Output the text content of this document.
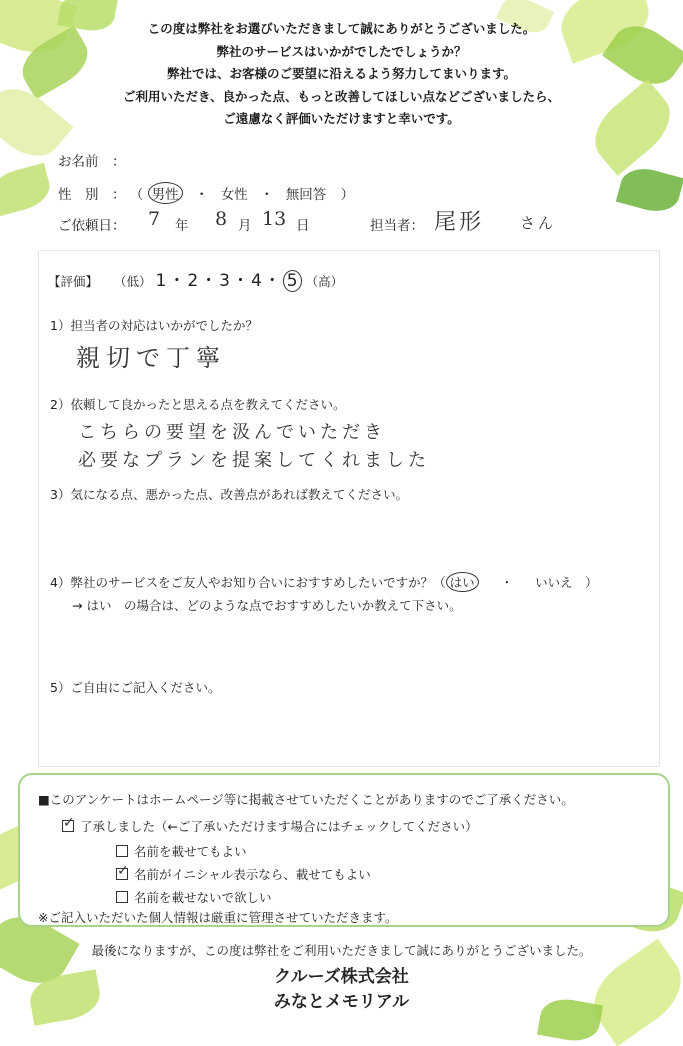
この度は弊社をお選びいただきまして誠にありがとうございました。
弊社のサービスはいかがでしたでしょうか？
弊社では、お客様のご要望に沿えるよう努力してまいります。
ご利用いただき、良かった点、もっと改善してほしい点などございましたら、
ご遠慮なく評価いただけますと幸いです。
お名前　：
性　別　： （ 男性 ・ 女性 ・ 無回答 ）
ご依頼日： 7 年 8 月 13 日	担当者： 尾形 さん
【評価】 （低） 1・2・3・4・ 5 （高）
1）担当者の対応はいかがでしたか？
親切で丁寧
2）依頼して良かったと思える点を教えてください。
こちらの要望を汲んでいただき
必要なプランを提案してくれました
3）気になる点、悪かった点、改善点があれば教えてください。
4）弊社のサービスをご友人やお知り合いにおすすめしたいですか？（ はい ・ いいえ　）
→ はい　の場合は、どのような点でおすすめしたいか教えて下さい。
5）ご自由にご記入ください。
■このアンケートはホームページ等に掲載させていただくことがありますのでご了承ください。
✓ 了承しました（←ご了承いただけます場合にはチェックしてください）
名前を載せてもよい
✓ 名前がイニシャル表示なら、載せてもよい
名前を載せないで欲しい
※ご記入いただいた個人情報は厳重に管理させていただきます。
最後になりますが、この度は弊社をご利用いただきまして誠にありがとうございました。
クルーズ株式会社
みなとメモリアル
